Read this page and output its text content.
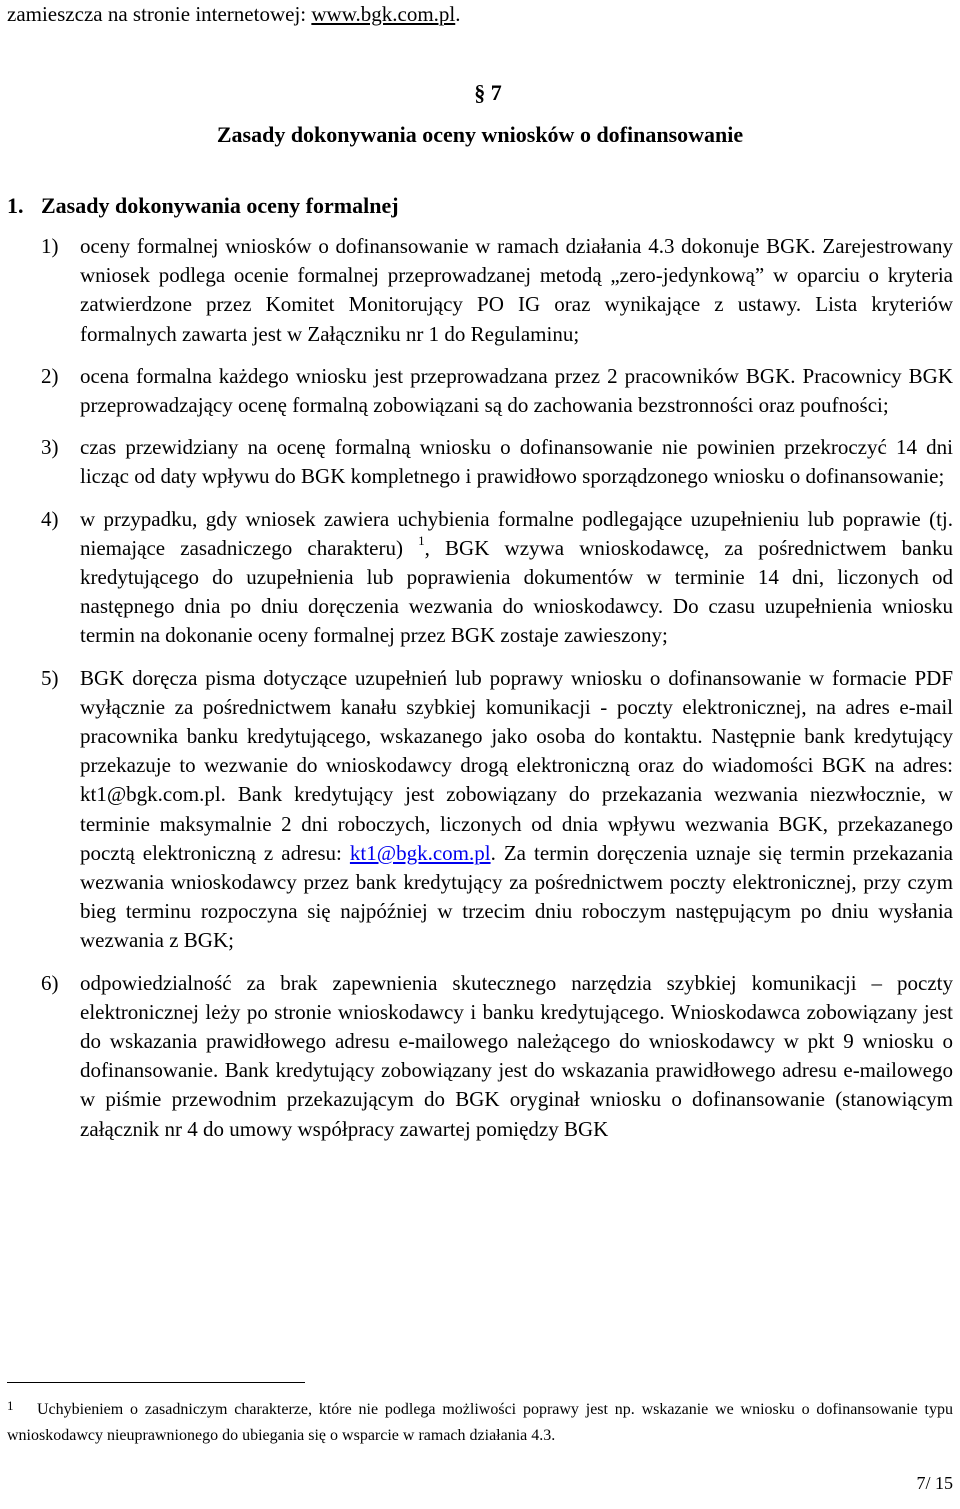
zamieszcza na stronie internetowej: www.bgk.com.pl.
§ 7
Zasady dokonywania oceny wniosków o dofinansowanie
1. Zasady dokonywania oceny formalnej
1) oceny formalnej wniosków o dofinansowanie w ramach działania 4.3 dokonuje BGK. Zarejestrowany wniosek podlega ocenie formalnej przeprowadzanej metodą „zero-jedynkową” w oparciu o kryteria zatwierdzone przez Komitet Monitorujący PO IG oraz wynikające z ustawy. Lista kryteriów formalnych zawarta jest w Załączniku nr 1 do Regulaminu;
2) ocena formalna każdego wniosku jest przeprowadzana przez 2 pracowników BGK. Pracownicy BGK przeprowadzający ocenę formalną zobowiązani są do zachowania bezstronności oraz poufności;
3) czas przewidziany na ocenę formalną wniosku o dofinansowanie nie powinien przekroczyć 14 dni licząc od daty wpływu do BGK kompletnego i prawidłowo sporządzonego wniosku o dofinansowanie;
4) w przypadku, gdy wniosek zawiera uchybienia formalne podlegające uzupełnieniu lub poprawie (tj. niemające zasadniczego charakteru) $^1$, BGK wzywa wnioskodawcę, za pośrednictwem banku kredytującego do uzupełnienia lub poprawienia dokumentów w terminie 14 dni, liczonych od następnego dnia po dniu doręczenia wezwania do wnioskodawcy. Do czasu uzupełnienia wniosku termin na dokonanie oceny formalnej przez BGK zostaje zawieszony;
5) BGK doręcza pisma dotyczące uzupełnień lub poprawy wniosku o dofinansowanie w formacie PDF wyłącznie za pośrednictwem kanału szybkiej komunikacji - poczty elektronicznej, na adres e-mail pracownika banku kredytującego, wskazanego jako osoba do kontaktu. Następnie bank kredytujący przekazuje to wezwanie do wnioskodawcy drogą elektroniczną oraz do wiadomości BGK na adres: kt1@bgk.com.pl. Bank kredytujący jest zobowiązany do przekazania wezwania niezwłocznie, w terminie maksymalnie 2 dni roboczych, liczonych od dnia wpływu wezwania BGK, przekazanego pocztą elektroniczną z adresu: kt1@bgk.com.pl. Za termin doręczenia uznaje się termin przekazania wezwania wnioskodawcy przez bank kredytujący za pośrednictwem poczty elektronicznej, przy czym bieg terminu rozpoczyna się najpóźniej w trzecim dniu roboczym następującym po dniu wysłania wezwania z BGK;
6) odpowiedzialność za brak zapewnienia skutecznego narzędzia szybkiej komunikacji – poczty elektronicznej leży po stronie wnioskodawcy i banku kredytującego. Wnioskodawca zobowiązany jest do wskazania prawidłowego adresu e-mailowego należącego do wnioskodawcy w pkt 9 wniosku o dofinansowanie. Bank kredytujący zobowiązany jest do wskazania prawidłowego adresu e-mailowego w piśmie przewodnim przekazującym do BGK oryginał wniosku o dofinansowanie (stanowiącym załącznik nr 4 do umowy współpracy zawartej pomiędzy BGK
1 Uchybieniem o zasadniczym charakterze, które nie podlega możliwości poprawy jest np. wskazanie we wniosku o dofinansowanie typu wnioskodawcy nieuprawnionego do ubiegania się o wsparcie w ramach działania 4.3.
7/ 15
